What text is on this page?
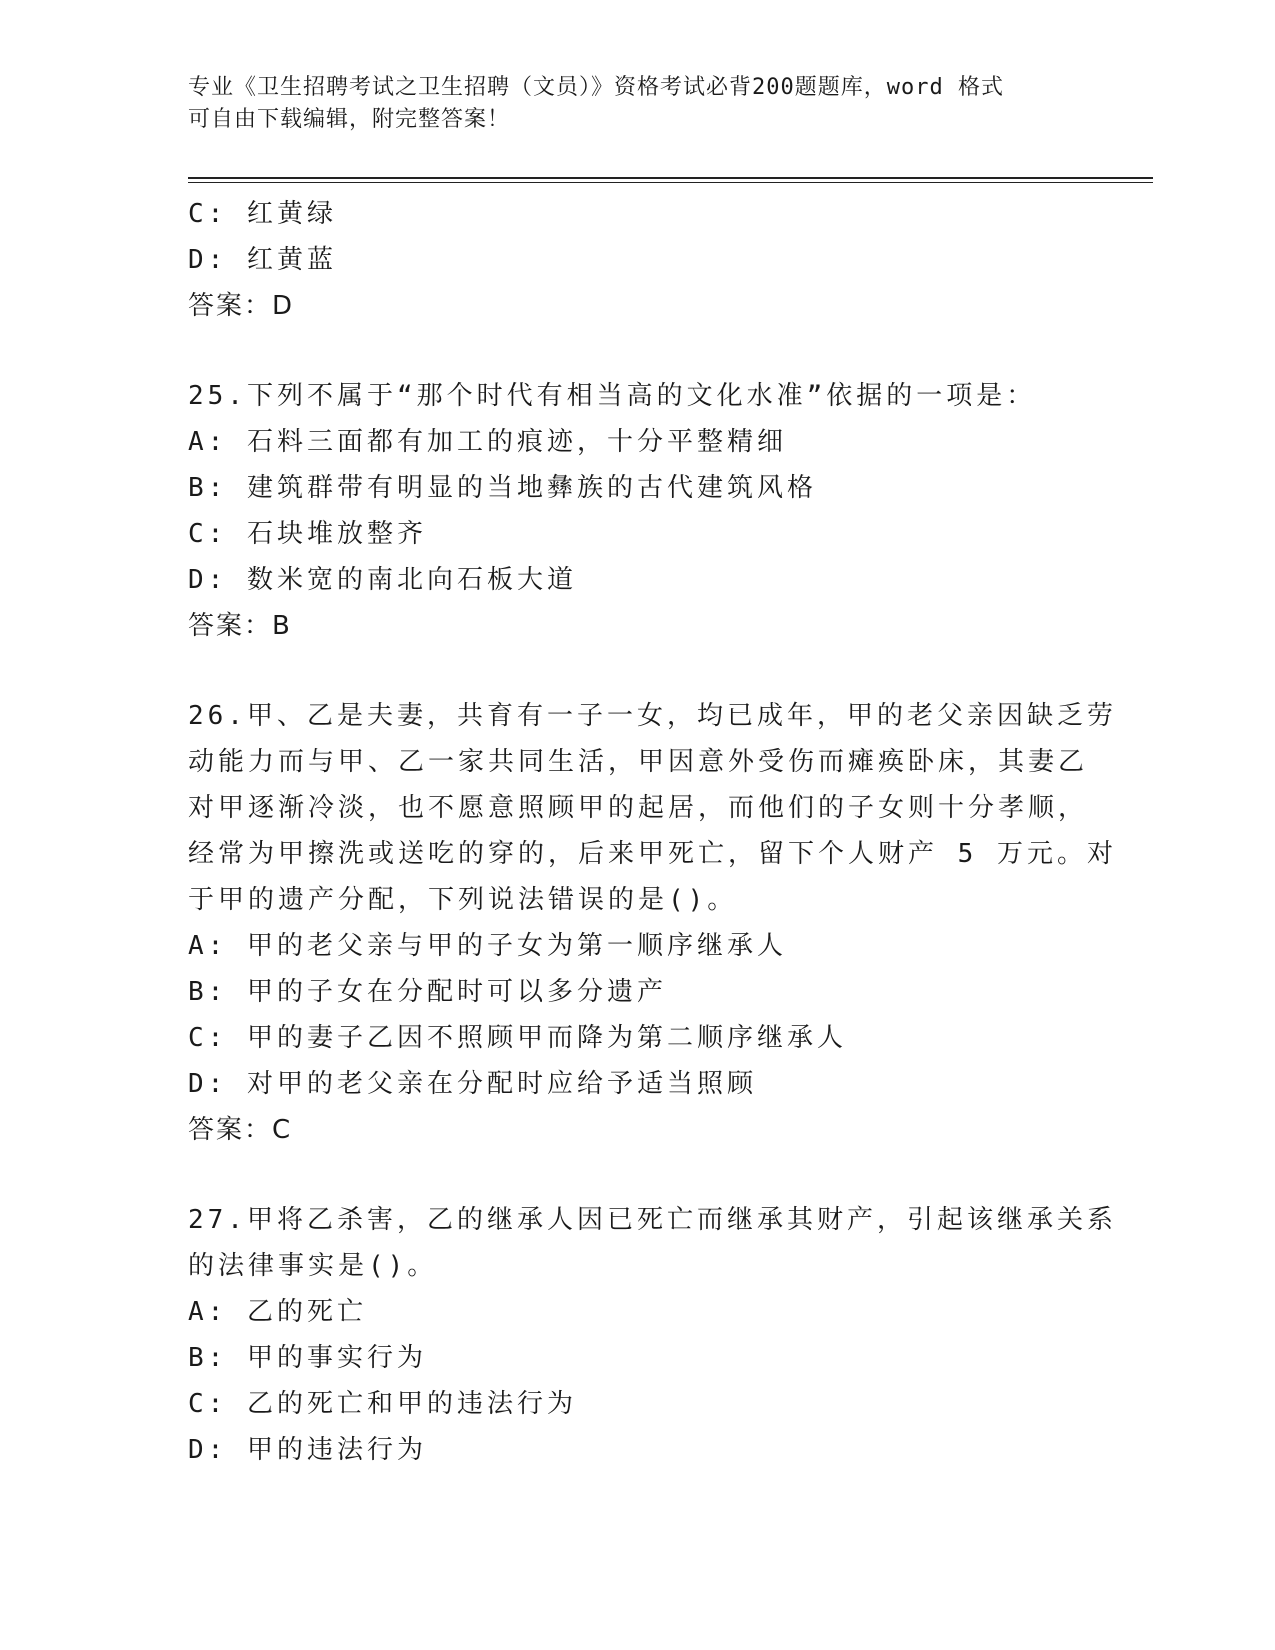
专业《卫生招聘考试之卫生招聘（文员）》资格考试必背200题题库，word 格式
可自由下载编辑，附完整答案！
C: 红黄绿
D: 红黄蓝
答案：D
25.下列不属于“那个时代有相当高的文化水准”依据的一项是：
A: 石料三面都有加工的痕迹，十分平整精细
B: 建筑群带有明显的当地彝族的古代建筑风格
C: 石块堆放整齐
D: 数米宽的南北向石板大道
答案：B
26.甲、乙是夫妻，共育有一子一女，均已成年，甲的老父亲因缺乏劳
动能力而与甲、乙一家共同生活，甲因意外受伤而瘫痪卧床，其妻乙
对甲逐渐冷淡，也不愿意照顾甲的起居，而他们的子女则十分孝顺，
经常为甲擦洗或送吃的穿的，后来甲死亡，留下个人财产 5 万元。对
于甲的遗产分配，下列说法错误的是()。
A: 甲的老父亲与甲的子女为第一顺序继承人
B: 甲的子女在分配时可以多分遗产
C: 甲的妻子乙因不照顾甲而降为第二顺序继承人
D: 对甲的老父亲在分配时应给予适当照顾
答案：C
27.甲将乙杀害，乙的继承人因已死亡而继承其财产，引起该继承关系
的法律事实是()。
A: 乙的死亡
B: 甲的事实行为
C: 乙的死亡和甲的违法行为
D: 甲的违法行为
